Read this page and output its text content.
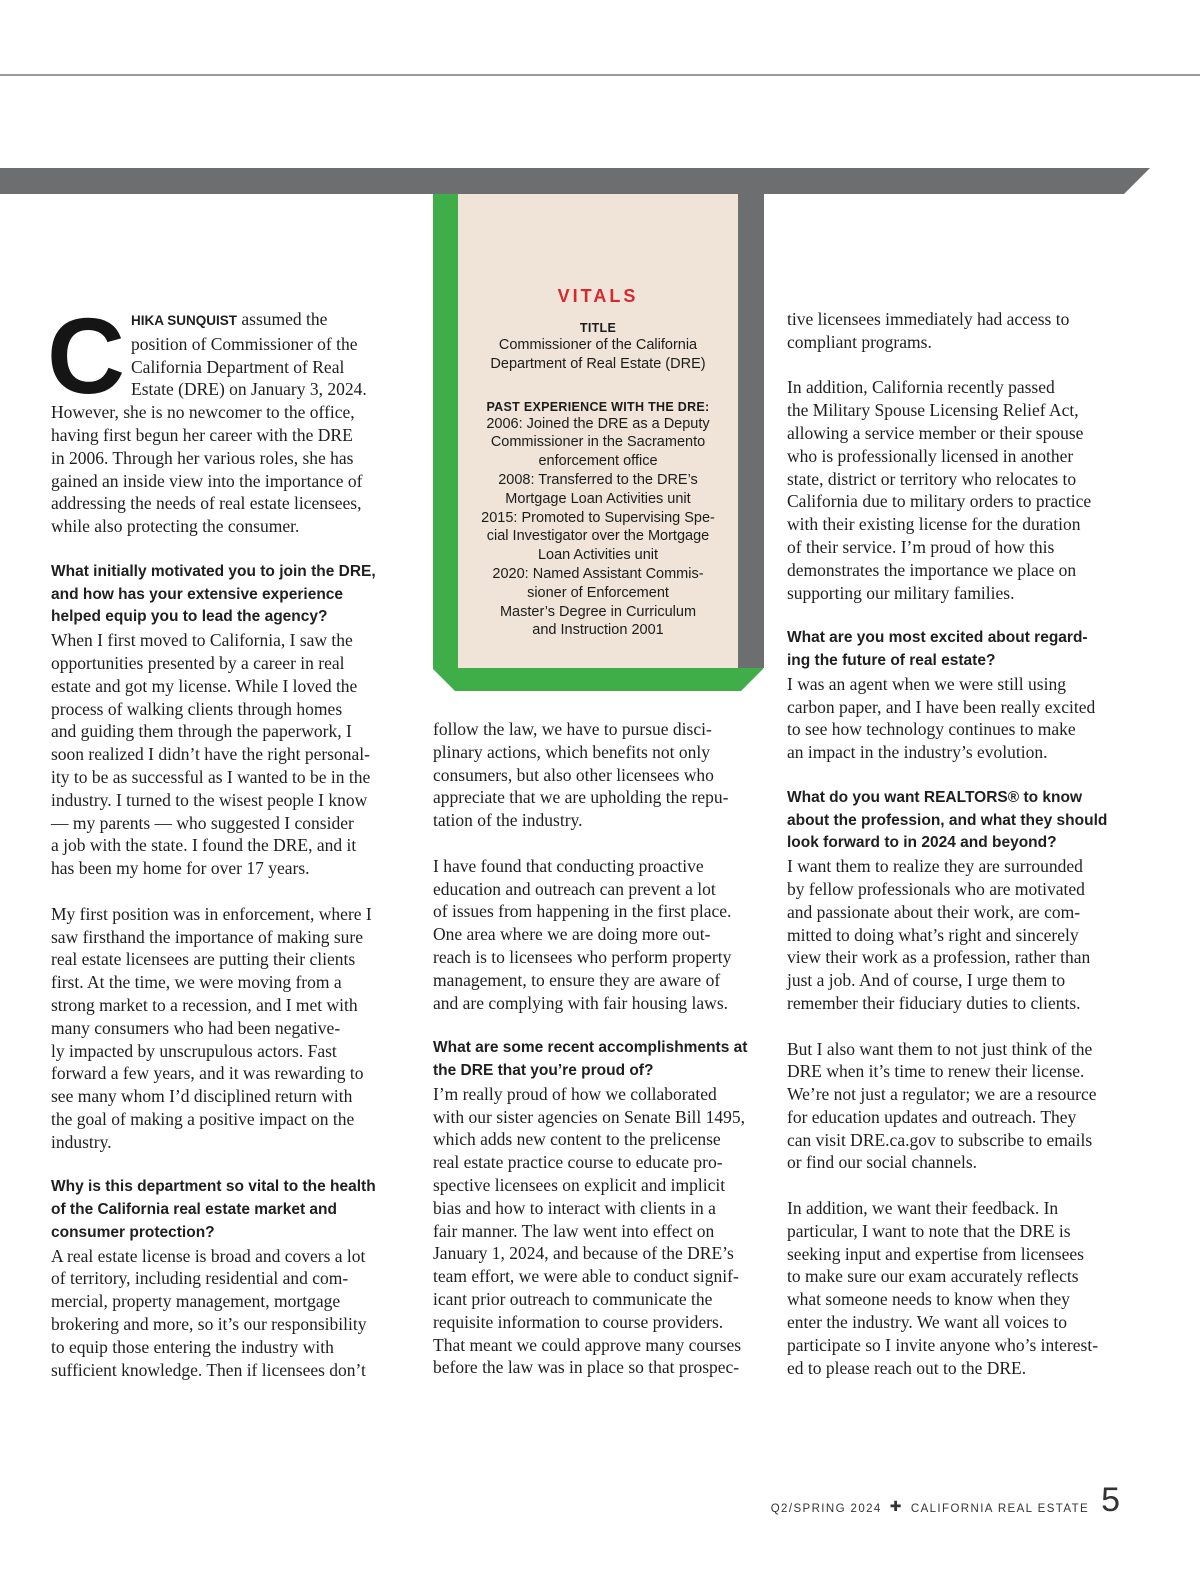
VITALS
TITLE
Commissioner of the California
Department of Real Estate (DRE)
PAST EXPERIENCE WITH THE DRE:
2006: Joined the DRE as a Deputy
Commissioner in the Sacramento
enforcement office
2008: Transferred to the DRE’s
Mortgage Loan Activities unit
2015: Promoted to Supervising Spe-
cial Investigator over the Mortgage
Loan Activities unit
2020: Named Assistant Commis-
sioner of Enforcement
Master’s Degree in Curriculum
and Instruction 2001
C HIKA SUNQUIST assumed the
position of Commissioner of the
California Department of Real
Estate (DRE) on January 3, 2024.
However, she is no newcomer to the office,
having first begun her career with the DRE
in 2006. Through her various roles, she has
gained an inside view into the importance of
addressing the needs of real estate licensees,
while also protecting the consumer.
What initially motivated you to join the DRE,
and how has your extensive experience
helped equip you to lead the agency?

When I first moved to California, I saw the
opportunities presented by a career in real
estate and got my license. While I loved the
process of walking clients through homes
and guiding them through the paperwork, I
soon realized I didn’t have the right personal-
ity to be as successful as I wanted to be in the
industry. I turned to the wisest people I know
— my parents — who suggested I consider
a job with the state. I found the DRE, and it
has been my home for over 17 years.

My first position was in enforcement, where I
saw firsthand the importance of making sure
real estate licensees are putting their clients
first. At the time, we were moving from a
strong market to a recession, and I met with
many consumers who had been negative-
ly impacted by unscrupulous actors. Fast
forward a few years, and it was rewarding to
see many whom I’d disciplined return with
the goal of making a positive impact on the
industry.

Why is this department so vital to the health
of the California real estate market and
consumer protection?

A real estate license is broad and covers a lot
of territory, including residential and com-
mercial, property management, mortgage
brokering and more, so it’s our responsibility
to equip those entering the industry with
sufficient knowledge. Then if licensees don’t

follow the law, we have to pursue disci-
plinary actions, which benefits not only
consumers, but also other licensees who
appreciate that we are upholding the repu-
tation of the industry.

I have found that conducting proactive
education and outreach can prevent a lot
of issues from happening in the first place.
One area where we are doing more out-
reach is to licensees who perform property
management, to ensure they are aware of
and are complying with fair housing laws.

What are some recent accomplishments at
the DRE that you’re proud of?

I’m really proud of how we collaborated
with our sister agencies on Senate Bill 1495,
which adds new content to the prelicense
real estate practice course to educate pro-
spective licensees on explicit and implicit
bias and how to interact with clients in a
fair manner. The law went into effect on
January 1, 2024, and because of the DRE’s
team effort, we were able to conduct signif-
icant prior outreach to communicate the
requisite information to course providers.
That meant we could approve many courses
before the law was in place so that prospec-

tive licensees immediately had access to
compliant programs.

In addition, California recently passed
the Military Spouse Licensing Relief Act,
allowing a service member or their spouse
who is professionally licensed in another
state, district or territory who relocates to
California due to military orders to practice
with their existing license for the duration
of their service. I’m proud of how this
demonstrates the importance we place on
supporting our military families.

What are you most excited about regard-
ing the future of real estate?

I was an agent when we were still using
carbon paper, and I have been really excited
to see how technology continues to make
an impact in the industry’s evolution.

What do you want REALTORS® to know
about the profession, and what they should
look forward to in 2024 and beyond?

I want them to realize they are surrounded
by fellow professionals who are motivated
and passionate about their work, are com-
mitted to doing what’s right and sincerely
view their work as a profession, rather than
just a job. And of course, I urge them to
remember their fiduciary duties to clients.

But I also want them to not just think of the
DRE when it’s time to renew their license.
We’re not just a regulator; we are a resource
for education updates and outreach. They
can visit DRE.ca.gov to subscribe to emails
or find our social channels.

In addition, we want their feedback. In
particular, I want to note that the DRE is
seeking input and expertise from licensees
to make sure our exam accurately reflects
what someone needs to know when they
enter the industry. We want all voices to
participate so I invite anyone who’s interest-
ed to please reach out to the DRE.

Q2/SPRING 2024 ✚ CALIFORNIA REAL ESTATE 5
